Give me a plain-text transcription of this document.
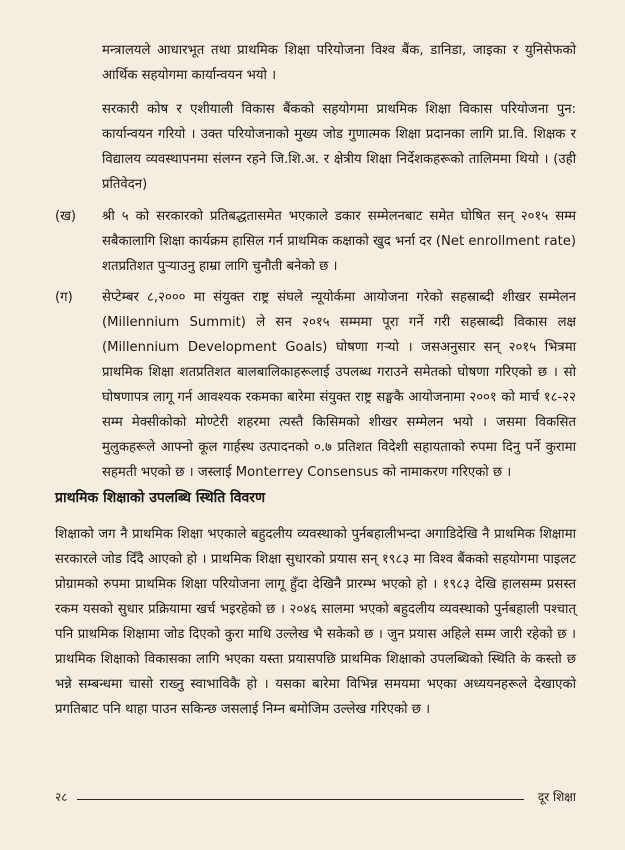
मन्त्रालयले आधारभूत तथा प्राथमिक शिक्षा परियोजना विश्व बैंक, डानिडा, जाइका र युनिसेफको आर्थिक सहयोगमा कार्यान्वयन भयो ।

सरकारी कोष र एशीयाली विकास बैंकको सहयोगमा प्राथमिक शिक्षा विकास परियोजना पुन: कार्यान्वयन गरियो । उक्त परियोजनाको मुख्य जोड गुणात्मक शिक्षा प्रदानका लागि प्रा.वि. शिक्षक र विद्यालय व्यवस्थापनमा संलग्न रहने जि.शि.अ. र क्षेत्रीय शिक्षा निर्देशकहरूको तालिममा थियो । (उही प्रतिवेदन)

(ख) श्री ५ को सरकारको प्रतिबद्धतासमेत भएकाले डकार सम्मेलनबाट समेत घोषित सन् २०१५ सम्म सबैकालागि शिक्षा कार्यक्रम हासिल गर्न प्राथमिक कक्षाको खुद भर्ना दर (Net enrollment rate) शतप्रतिशत पुऱ्याउनु हाम्रा लागि चुनौती बनेको छ ।

(ग) सेप्टेम्बर ८,२००० मा संयुक्त राष्ट्र संघले न्यूयोर्कमा आयोजना गरेको सहस्राब्दी शीखर सम्मेलन (Millennium Summit) ले सन २०१५ सम्ममा पूरा गर्ने गरी सहस्राब्दी विकास लक्ष (Millennium Development Goals) घोषणा गऱ्यो । जसअनुसार सन् २०१५ भित्रमा प्राथमिक शिक्षा शतप्रतिशत बालबालिकाहरूलाई उपलब्ध गराउने समेतको घोषणा गरिएको छ । सो घोषणापत्र लागू गर्न आवश्यक रकमका बारेमा संयुक्त राष्ट्र सङ्घकै आयोजनामा २००१ को मार्च १८-२२ सम्म मेक्सीकोको मोण्टेरी शहरमा त्यस्तै किसिमको शीखर सम्मेलन भयो । जसमा विकसित मुलुकहरूले आफ्नो कूल गार्हस्थ उत्पादनको ०.७ प्रतिशत विदेशी सहायताको रुपमा दिनु पर्ने कुरामा सहमती भएको छ । जस्लाई Monterrey Consensus को नामाकरण गरिएको छ ।

प्राथमिक शिक्षाको उपलब्धि स्थिति विवरण

शिक्षाको जग नै प्राथमिक शिक्षा भएकाले बहुदलीय व्यवस्थाको पुर्नबहालीभन्दा अगाडिदेखि नै प्राथमिक शिक्षामा सरकारले जोड दिँदै आएको हो । प्राथमिक शिक्षा सुधारको प्रयास सन् १९८३ मा विश्व बैंकको सहयोगमा पाइलट प्रोग्रामको रुपमा प्राथमिक शिक्षा परियोजना लागू हुँदा देखिनै प्रारम्भ भएको हो । १९८३ देखि हालसम्म प्रसस्त रकम यसको सुधार प्रक्रियामा खर्च भइरहेको छ । २०४६ सालमा भएको बहुदलीय व्यवस्थाको पुर्नबहाली पश्चात् पनि प्राथमिक शिक्षामा जोड दिएको कुरा माथि उल्लेख भै सकेको छ । जुन प्रयास अहिले सम्म जारी रहेको छ । प्राथमिक शिक्षाको विकासका लागि भएका यस्ता प्रयासपछि प्राथमिक शिक्षाको उपलब्धिको स्थिति के कस्तो छ भन्ने सम्बन्धमा चासो राख्नु स्वाभाविकै हो । यसका बारेमा विभिन्न समयमा भएका अध्ययनहरूले देखाएको प्रगतिबाट पनि थाहा पाउन सकिन्छ जसलाई निम्न बमोजिम उल्लेख गरिएको छ ।

२८	दूर शिक्षा
